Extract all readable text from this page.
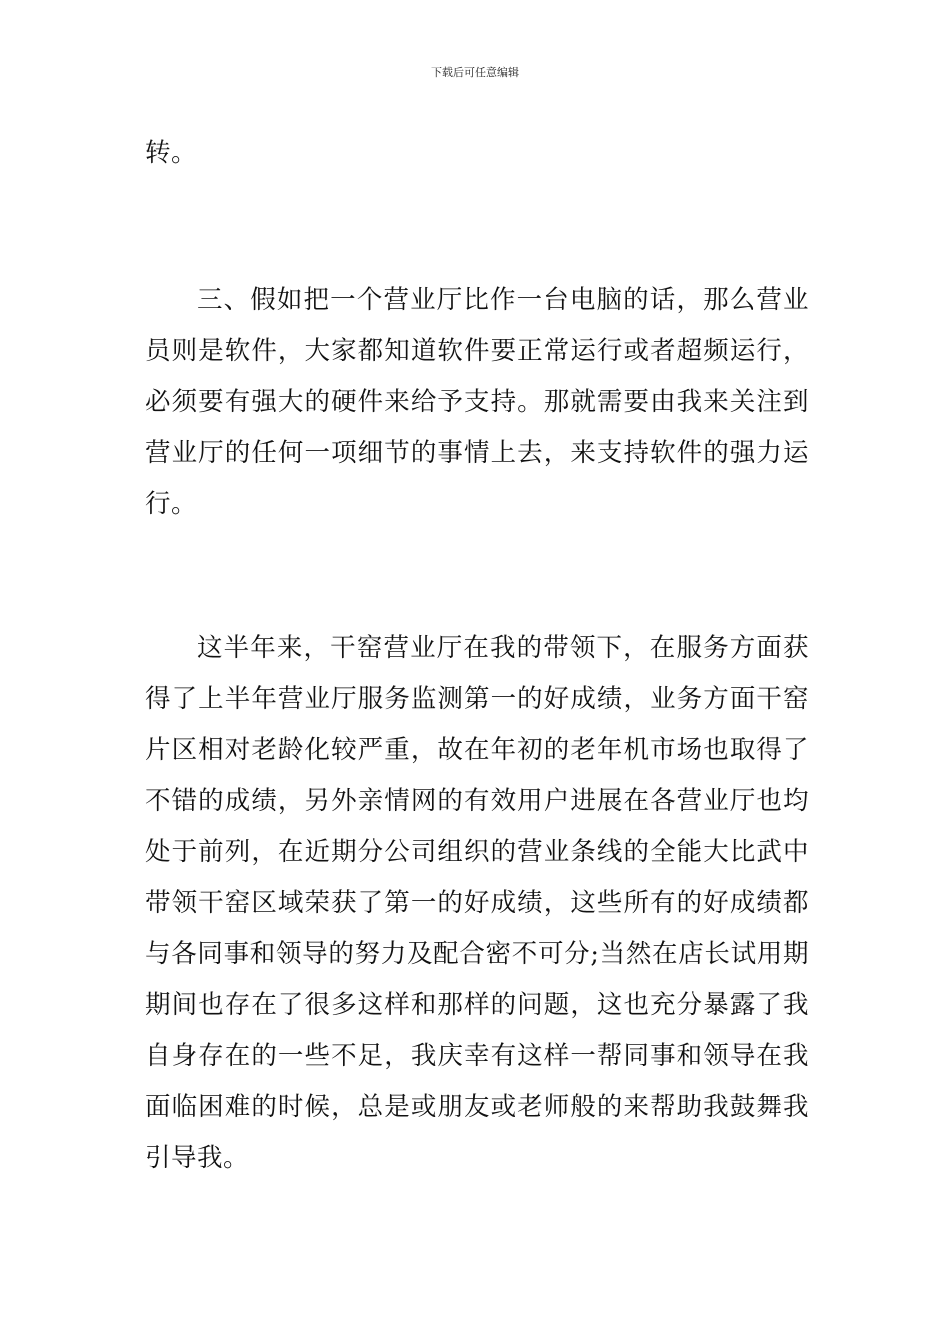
下载后可任意编辑

转。

三、假如把一个营业厅比作一台电脑的话，那么营业员则是软件，大家都知道软件要正常运行或者超频运行，必须要有强大的硬件来给予支持。那就需要由我来关注到营业厅的任何一项细节的事情上去，来支持软件的强力运行。

这半年来，干窑营业厅在我的带领下，在服务方面获得了上半年营业厅服务监测第一的好成绩，业务方面干窑片区相对老龄化较严重，故在年初的老年机市场也取得了不错的成绩，另外亲情网的有效用户进展在各营业厅也均处于前列，在近期分公司组织的营业条线的全能大比武中带领干窑区域荣获了第一的好成绩，这些所有的好成绩都与各同事和领导的努力及配合密不可分;当然在店长试用期期间也存在了很多这样和那样的问题，这也充分暴露了我自身存在的一些不足，我庆幸有这样一帮同事和领导在我面临困难的时候，总是或朋友或老师般的来帮助我鼓舞我引导我。
